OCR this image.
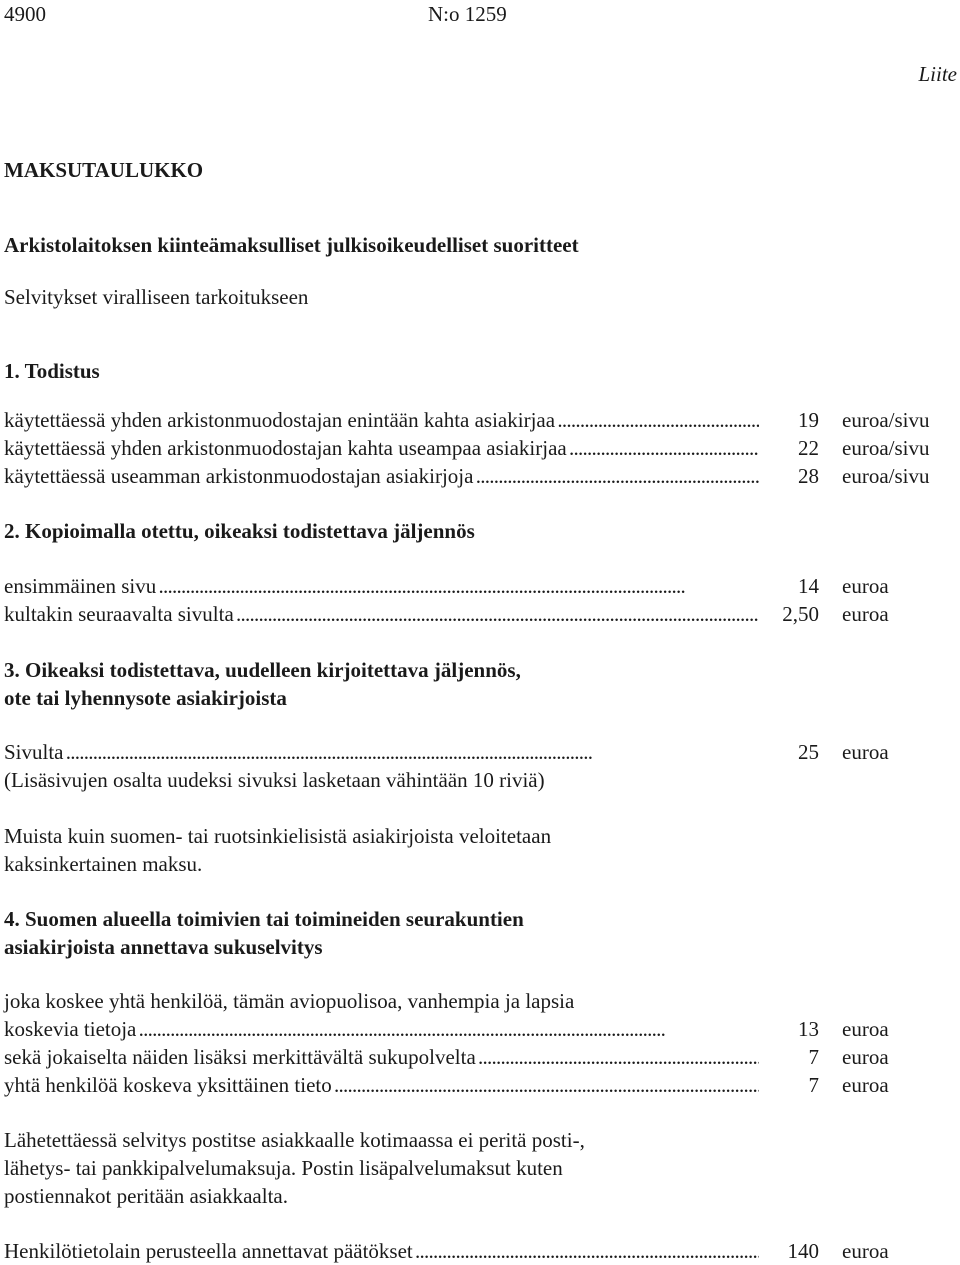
4900	N:o 1259
Liite
MAKSUTAULUKKO
Arkistolaitoksen kiinteämaksulliset julkisoikeudelliset suoritteet
Selvitykset viralliseen tarkoitukseen
1. Todistus
käytettäessä yhden arkistonmuodostajan enintään kahta asiakirjaa . . .	19 euroa/sivu
käytettäessä yhden arkistonmuodostajan kahta useampaa asiakirjaa . . .	22 euroa/sivu
käytettäessä useamman arkistonmuodostajan asiakirjoja . . .	28 euroa/sivu
2. Kopioimalla otettu, oikeaksi todistettava jäljennös
ensimmäinen sivu . . .	14 euroa
kultakin seuraavalta sivulta . . .	2,50 euroa
3. Oikeaksi todistettava, uudelleen kirjoitettava jäljennös,
ote tai lyhennysote asiakirjoista
Sivulta . . .	25 euroa
(Lisäsivujen osalta uudeksi sivuksi lasketaan vähintään 10 riviä)
Muista kuin suomen- tai ruotsinkielisistä asiakirjoista veloitetaan
kaksinkertainen maksu.
4. Suomen alueella toimivien tai toimineiden seurakuntien
asiakirjoista annettava sukuselvitys
joka koskee yhtä henkilöä, tämän aviopuolisoa, vanhempia ja lapsia
koskevia tietoja . . .	13 euroa
sekä jokaiselta näiden lisäksi merkittävältä sukupolvelta . . .	7 euroa
yhtä henkilöä koskeva yksittäinen tieto . . .	7 euroa
Lähetettäessä selvitys postitse asiakkaalle kotimaassa ei peritä posti-,
lähetys- tai pankkipalvelumaksuja. Postin lisäpalvelumaksut kuten
postiennakot peritään asiakkaalta.
Henkilötietolain perusteella annettavat päätökset . . .	140 euroa
